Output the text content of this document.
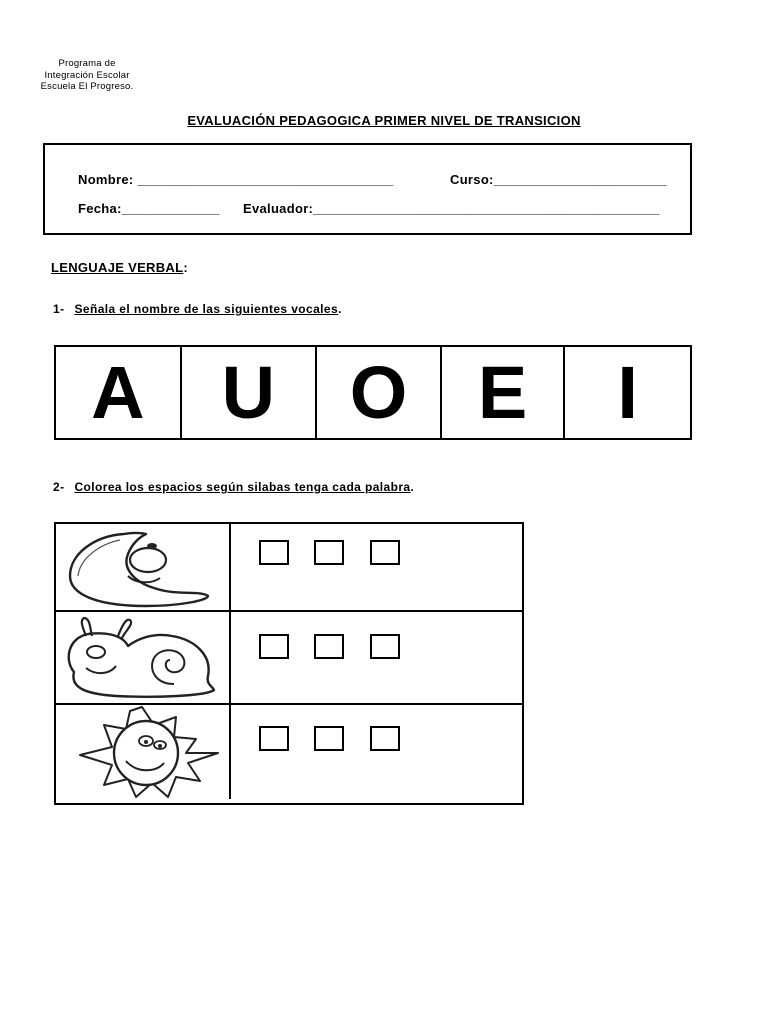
Programa de
Integración Escolar
Escuela El Progreso.
EVALUACIÓN PEDAGOGICA PRIMER NIVEL DE TRANSICION
Nombre: __________________________________	Curso:_______________________
Fecha:_____________ Evaluador:______________________________________________
LENGUAJE VERBAL:
1- Señala el nombre de las siguientes vocales.
A	U	O E	I
2- Colorea los espacios según silabas tenga cada palabra.
